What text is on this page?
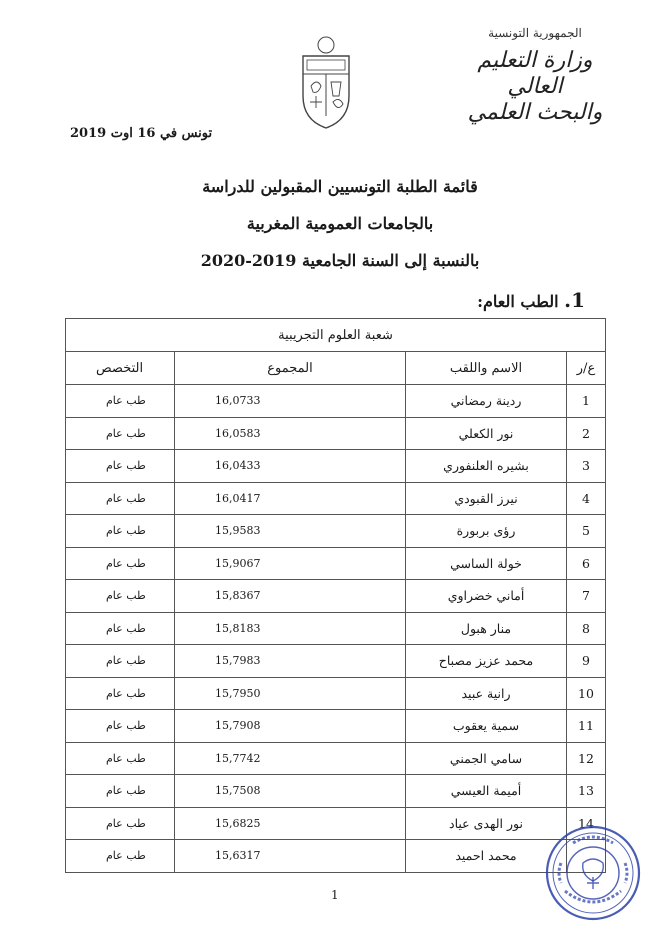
الجمهورية التونسية
وزارة التعليم العالي
والبحث العلمي
تونس في 16 اوت 2019
قائمة الطلبة التونسيين المقبولين للدراسة
بالجامعات العمومية المغربية
بالنسبة إلى السنة الجامعية 2019-2020
1. الطب العام:
شعبة العلوم التجريبية			
ع/ر	الاسم واللقب	المجموع	التخصص
1	ردينة رمضاني	16,0733	طب عام
2	نور الكعلي	16,0583	طب عام
3	بشيره العلنفوري	16,0433	طب عام
4	نيرز القبودي	16,0417	طب عام
5	رؤى بربورة	15,9583	طب عام
6	خولة الساسي	15,9067	طب عام
7	أماني خضراوي	15,8367	طب عام
8	منار هبول	15,8183	طب عام
9	محمد عزيز مصباح	15,7983	طب عام
10	رانية عبيد	15,7950	طب عام
11	سمية يعقوب	15,7908	طب عام
12	سامي الجمني	15,7742	طب عام
13	أميمة العيسي	15,7508	طب عام
14	نور الهدى عياد	15,6825	طب عام
	محمد احميد	15,6317	طب عام
1
